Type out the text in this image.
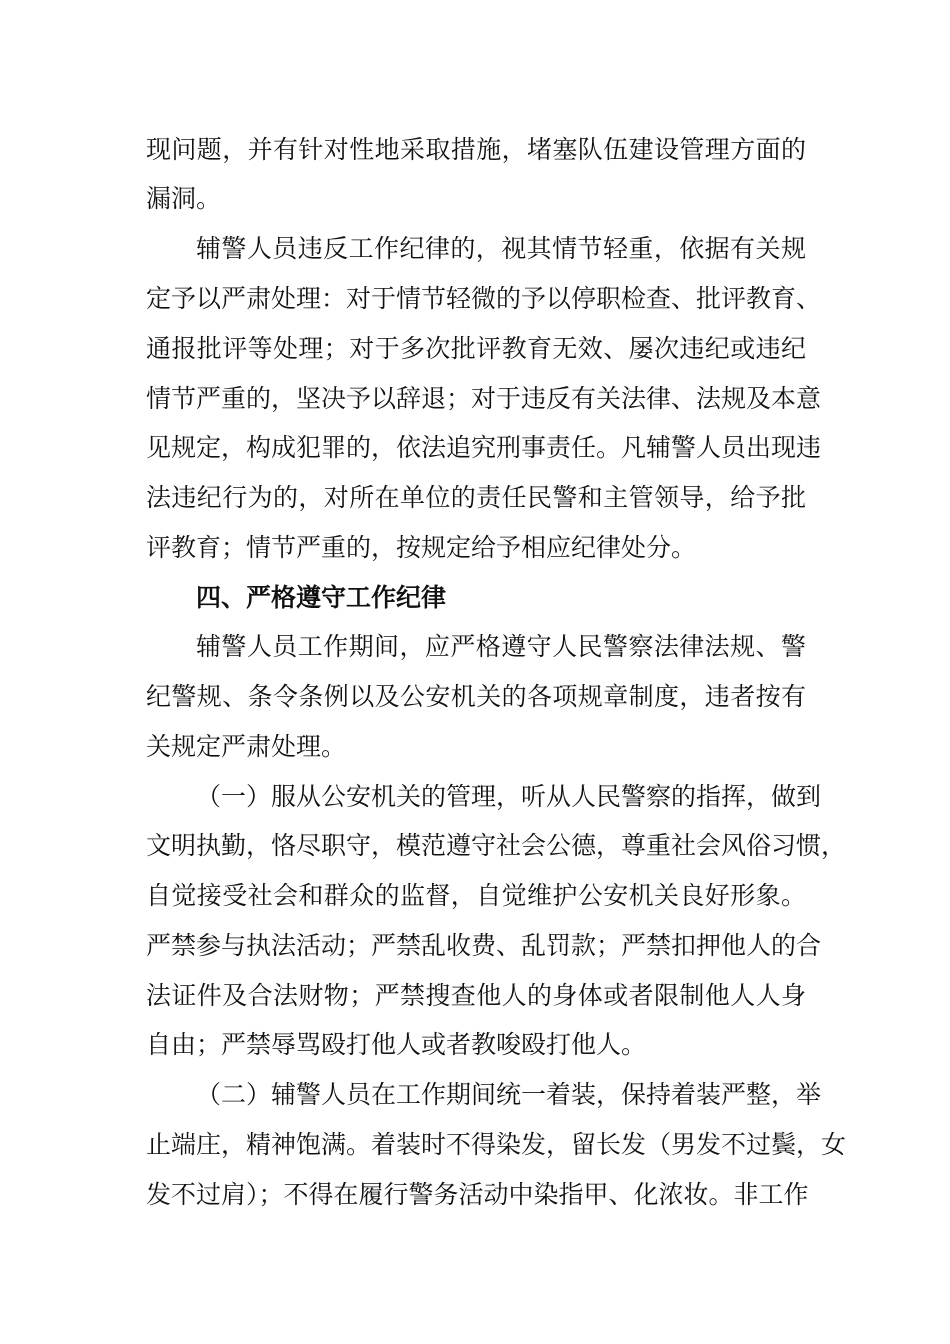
现问题，并有针对性地采取措施，堵塞队伍建设管理方面的
漏洞。
辅警人员违反工作纪律的，视其情节轻重，依据有关规
定予以严肃处理：对于情节轻微的予以停职检查、批评教育、
通报批评等处理；对于多次批评教育无效、屡次违纪或违纪
情节严重的，坚决予以辞退；对于违反有关法律、法规及本意
见规定，构成犯罪的，依法追究刑事责任。凡辅警人员出现违
法违纪行为的，对所在单位的责任民警和主管领导，给予批
评教育；情节严重的，按规定给予相应纪律处分。
四、严格遵守工作纪律
辅警人员工作期间，应严格遵守人民警察法律法规、警
纪警规、条令条例以及公安机关的各项规章制度，违者按有
关规定严肃处理。
（一）服从公安机关的管理，听从人民警察的指挥，做到
文明执勤，恪尽职守，模范遵守社会公德，尊重社会风俗习惯，
自觉接受社会和群众的监督，自觉维护公安机关良好形象。
严禁参与执法活动；严禁乱收费、乱罚款；严禁扣押他人的合
法证件及合法财物；严禁搜查他人的身体或者限制他人人身
自由；严禁辱骂殴打他人或者教唆殴打他人。
（二）辅警人员在工作期间统一着装，保持着装严整，举
止端庄，精神饱满。着装时不得染发，留长发（男发不过鬓，女
发不过肩）；不得在履行警务活动中染指甲、化浓妆。非工作
